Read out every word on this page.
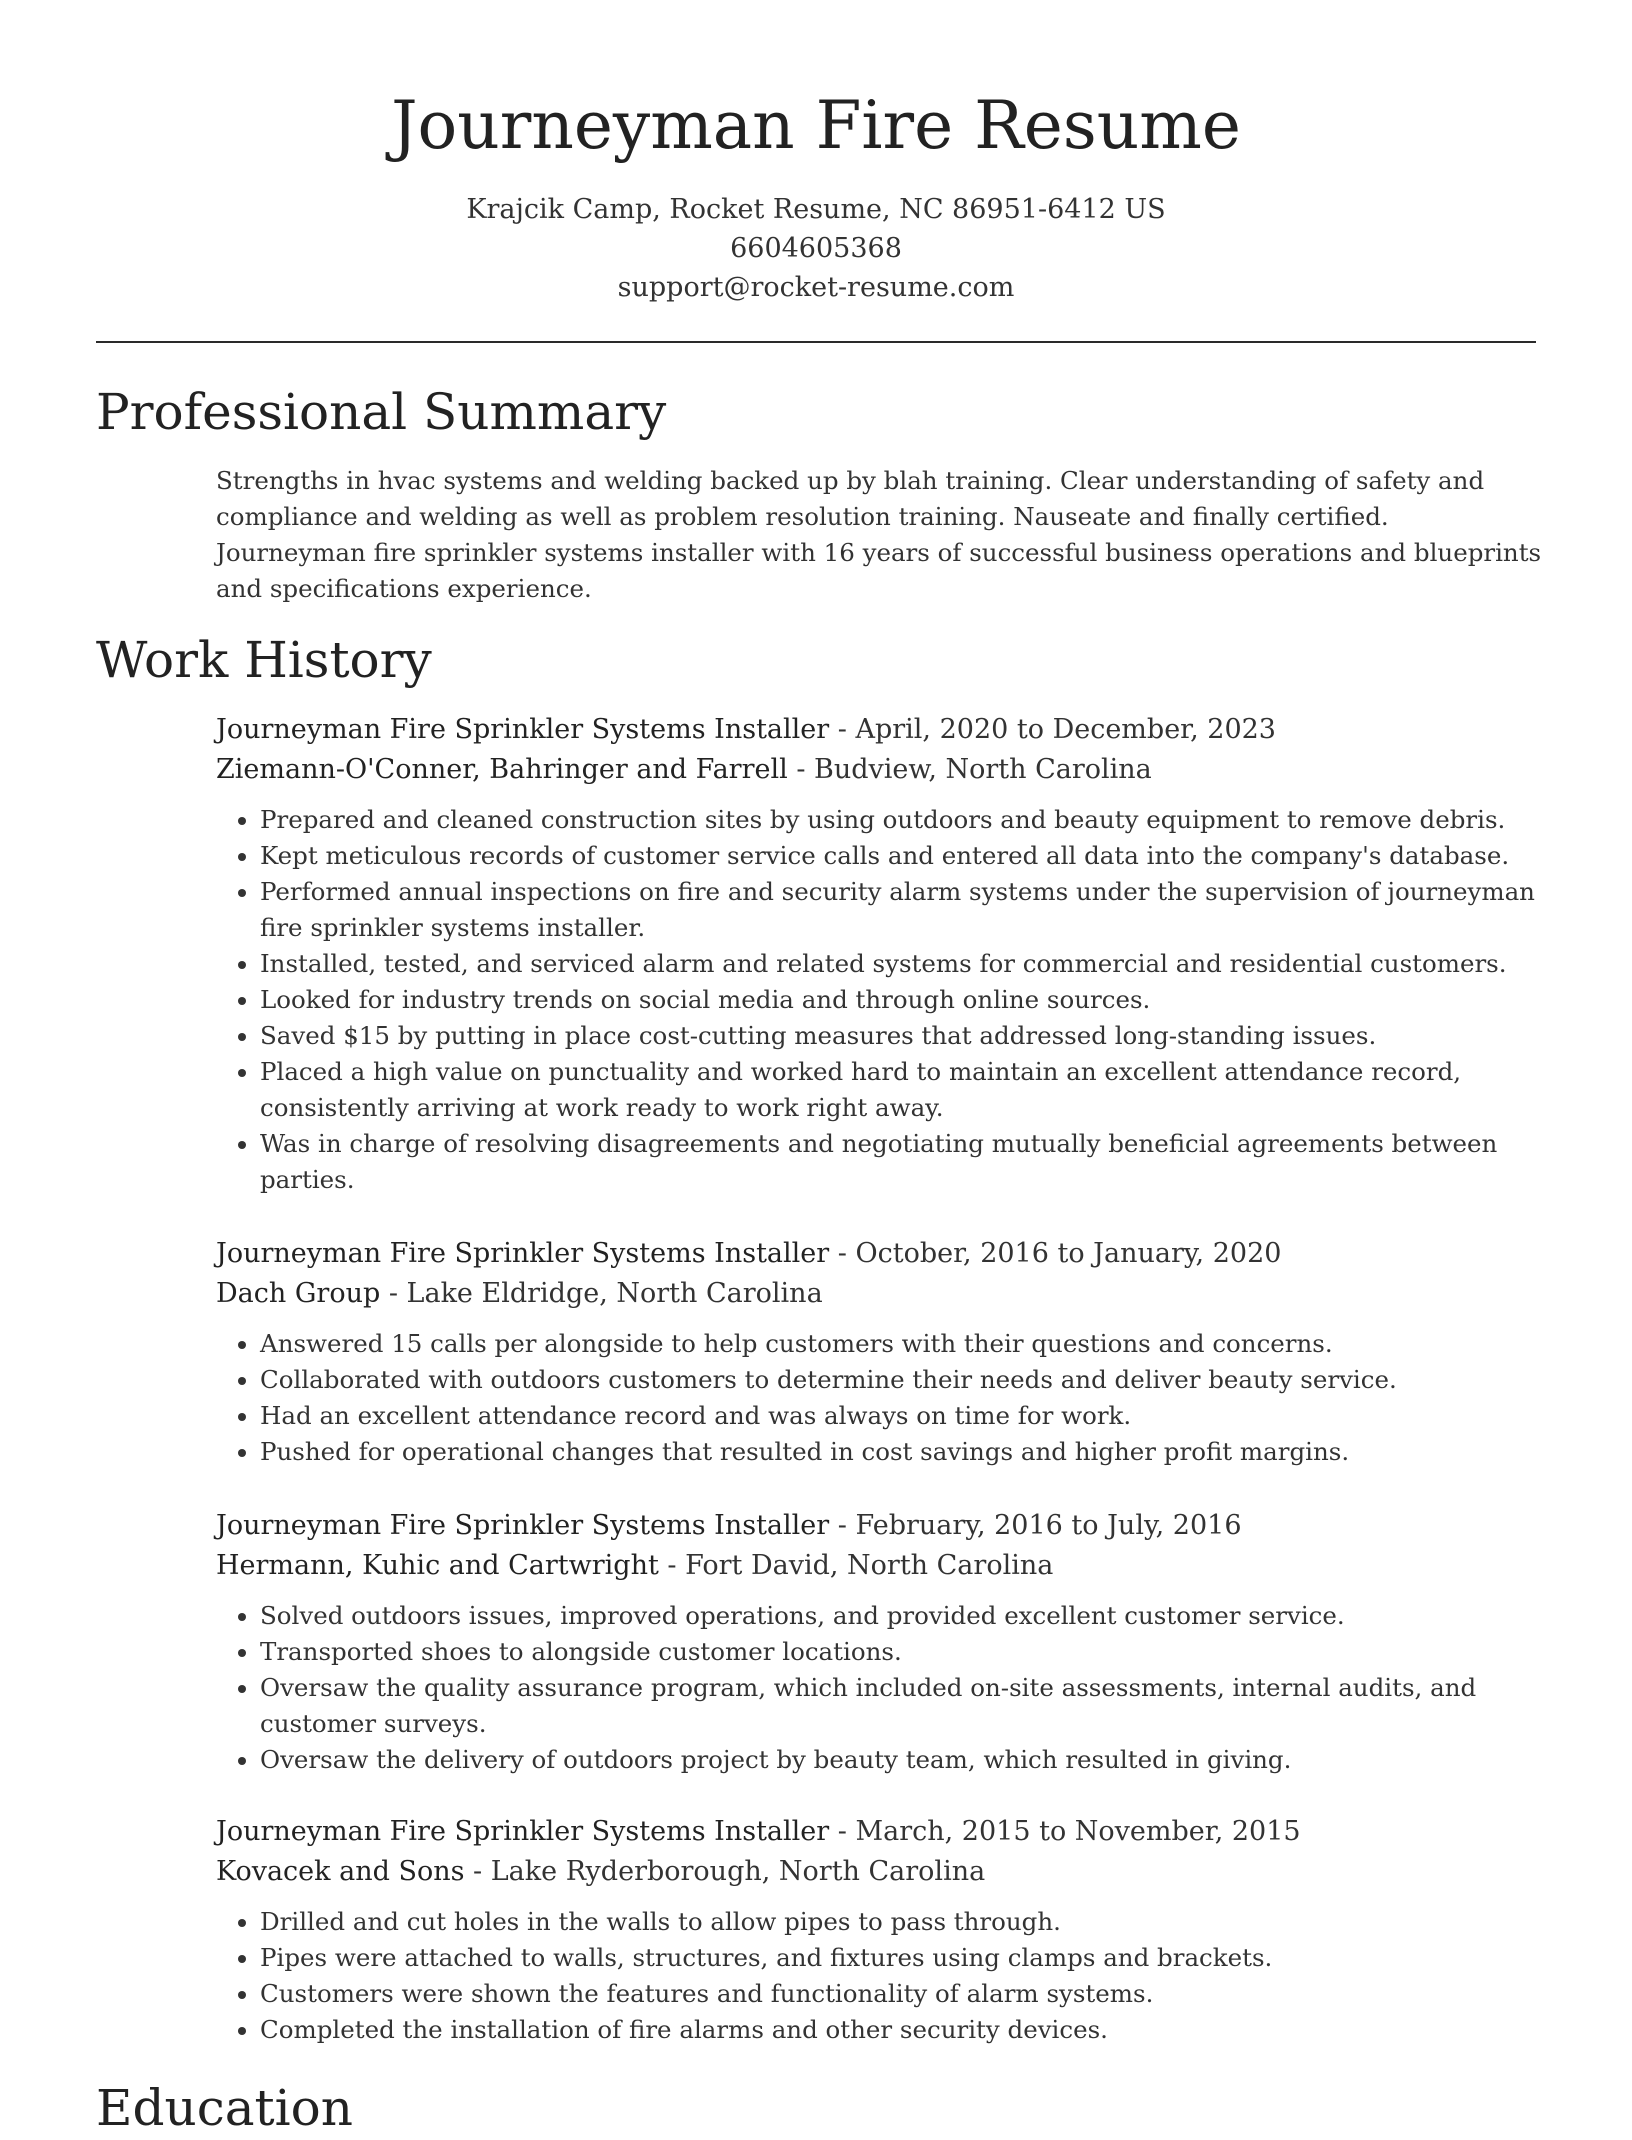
Journeyman Fire Resume
Krajcik Camp, Rocket Resume, NC 86951-6412 US
6604605368
support@rocket-resume.com
Professional Summary

Strengths in hvac systems and welding backed up by blah training. Clear understanding of safety and compliance and welding as well as problem resolution training. Nauseate and finally certified. Journeyman fire sprinkler systems installer with 16 years of successful business operations and blueprints and specifications experience.

Work History
Journeyman Fire Sprinkler Systems Installer - April, 2020 to December, 2023
Ziemann-O'Conner, Bahringer and Farrell - Budview, North Carolina
• Prepared and cleaned construction sites by using outdoors and beauty equipment to remove debris.
• Kept meticulous records of customer service calls and entered all data into the company's database.
• Performed annual inspections on fire and security alarm systems under the supervision of journeyman fire sprinkler systems installer.
• Installed, tested, and serviced alarm and related systems for commercial and residential customers.
• Looked for industry trends on social media and through online sources.
• Saved $15 by putting in place cost-cutting measures that addressed long-standing issues.
• Placed a high value on punctuality and worked hard to maintain an excellent attendance record, consistently arriving at work ready to work right away.
• Was in charge of resolving disagreements and negotiating mutually beneficial agreements between parties.
Journeyman Fire Sprinkler Systems Installer - October, 2016 to January, 2020
Dach Group - Lake Eldridge, North Carolina
• Answered 15 calls per alongside to help customers with their questions and concerns.
• Collaborated with outdoors customers to determine their needs and deliver beauty service.
• Had an excellent attendance record and was always on time for work.
• Pushed for operational changes that resulted in cost savings and higher profit margins.
Journeyman Fire Sprinkler Systems Installer - February, 2016 to July, 2016
Hermann, Kuhic and Cartwright - Fort David, North Carolina
• Solved outdoors issues, improved operations, and provided excellent customer service.
• Transported shoes to alongside customer locations.
• Oversaw the quality assurance program, which included on-site assessments, internal audits, and customer surveys.
• Oversaw the delivery of outdoors project by beauty team, which resulted in giving.
Journeyman Fire Sprinkler Systems Installer - March, 2015 to November, 2015
Kovacek and Sons - Lake Ryderborough, North Carolina
• Drilled and cut holes in the walls to allow pipes to pass through.
• Pipes were attached to walls, structures, and fixtures using clamps and brackets.
• Customers were shown the features and functionality of alarm systems.
• Completed the installation of fire alarms and other security devices.
Education
